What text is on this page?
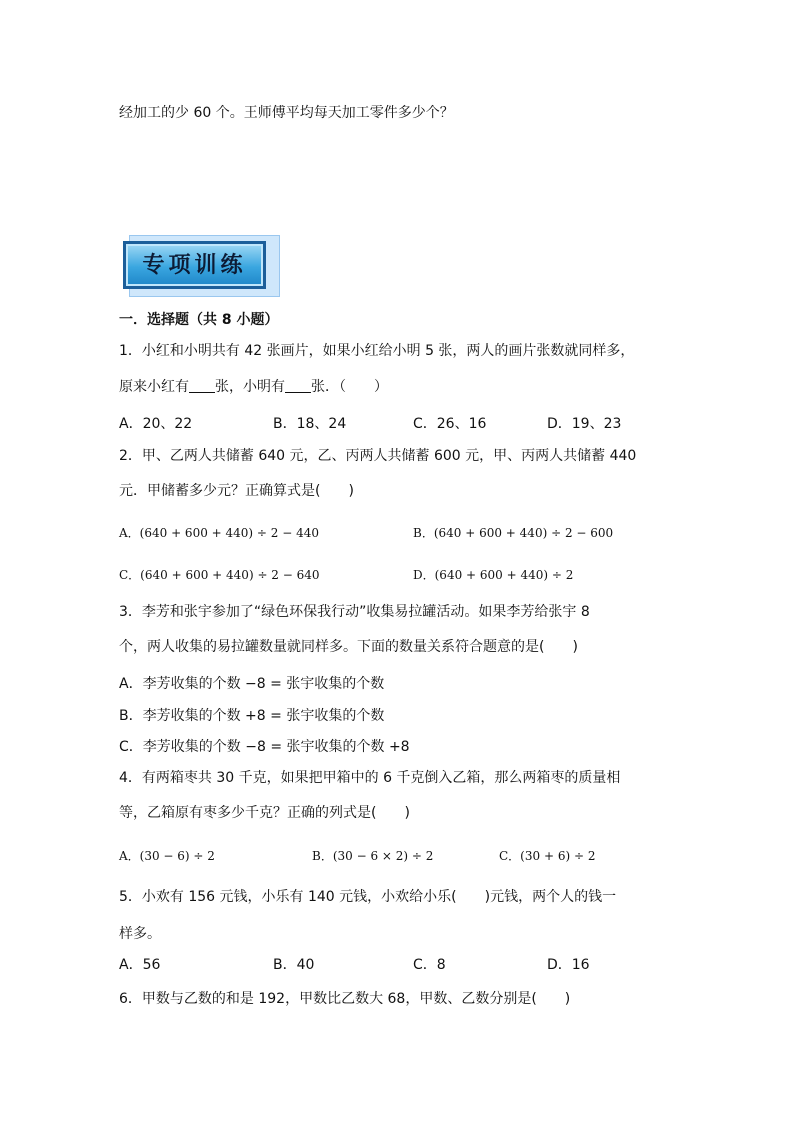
经加工的少 60 个。王师傅平均每天加工零件多少个？
专项训练
一．选择题（共 8 小题）
1．小红和小明共有 42 张画片，如果小红给小明 5 张，两人的画片张数就同样多，
原来小红有 张，小明有 张．（　　）
A．20、22	B．18、24	C．26、16	D．19、23
2．甲、乙两人共储蓄 640 元，乙、丙两人共储蓄 600 元，甲、丙两人共储蓄 440
元．甲储蓄多少元？正确算式是(　　)
A．(640 + 600 + 440) ÷ 2 − 440	B．(640 + 600 + 440) ÷ 2 − 600
C．(640 + 600 + 440) ÷ 2 − 640	D．(640 + 600 + 440) ÷ 2
3．李芳和张宇参加了“绿色环保我行动”收集易拉罐活动。如果李芳给张宇 8
个，两人收集的易拉罐数量就同样多。下面的数量关系符合题意的是(　　)
A．李芳收集的个数 −8 = 张宇收集的个数
B．李芳收集的个数 +8 = 张宇收集的个数
C．李芳收集的个数 −8 = 张宇收集的个数 +8
4．有两箱枣共 30 千克，如果把甲箱中的 6 千克倒入乙箱，那么两箱枣的质量相
等，乙箱原有枣多少千克？正确的列式是(　　)
A．(30 − 6) ÷ 2	B．(30 − 6 × 2) ÷ 2	C．(30 + 6) ÷ 2
5．小欢有 156 元钱，小乐有 140 元钱，小欢给小乐(　　)元钱，两个人的钱一
样多。
A．56	B．40	C．8	D．16
6．甲数与乙数的和是 192，甲数比乙数大 68，甲数、乙数分别是(　　)
